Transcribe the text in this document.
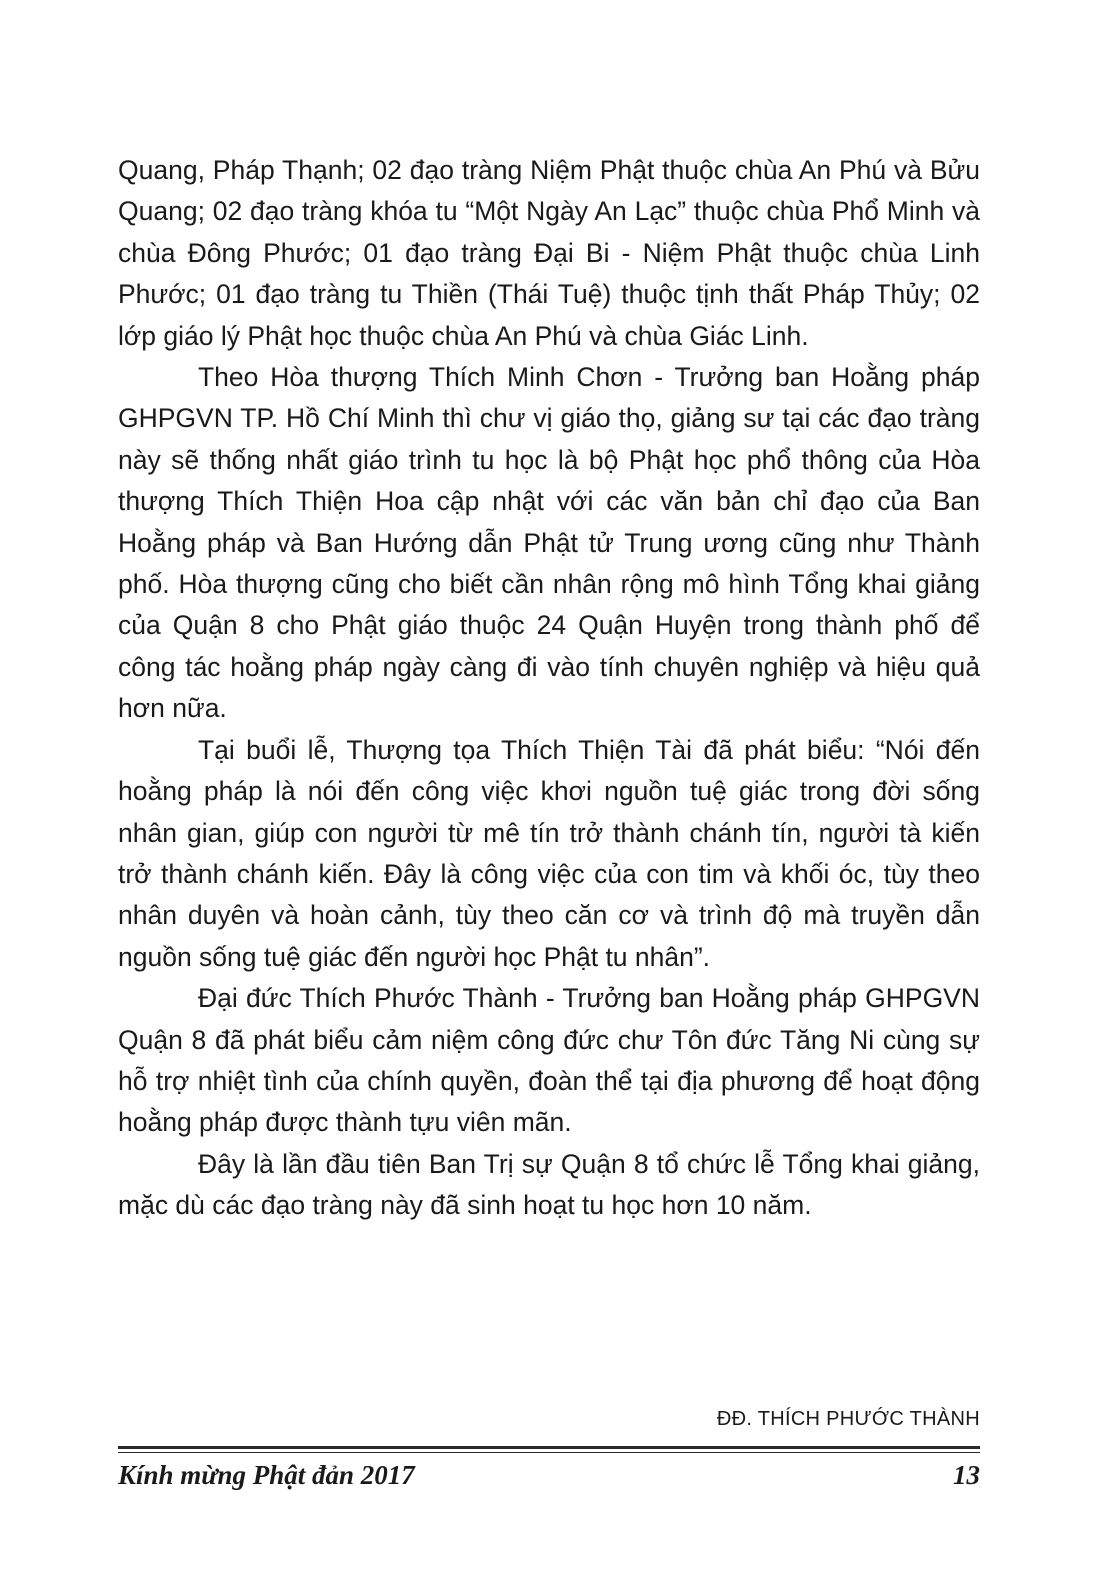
Quang, Pháp Thạnh; 02 đạo tràng Niệm Phật thuộc chùa An Phú và Bửu Quang; 02 đạo tràng khóa tu “Một Ngày An Lạc” thuộc chùa Phổ Minh và chùa Đông Phước; 01 đạo tràng Đại Bi - Niệm Phật thuộc chùa Linh Phước; 01 đạo tràng tu Thiền (Thái Tuệ) thuộc tịnh thất Pháp Thủy; 02 lớp giáo lý Phật học thuộc chùa An Phú và chùa Giác Linh.

Theo Hòa thượng Thích Minh Chơn - Trưởng ban Hoằng pháp GHPGVN TP. Hồ Chí Minh thì chư vị giáo thọ, giảng sư tại các đạo tràng này sẽ thống nhất giáo trình tu học là bộ Phật học phổ thông của Hòa thượng Thích Thiện Hoa cập nhật với các văn bản chỉ đạo của Ban Hoằng pháp và Ban Hướng dẫn Phật tử Trung ương cũng như Thành phố. Hòa thượng cũng cho biết cần nhân rộng mô hình Tổng khai giảng của Quận 8 cho Phật giáo thuộc 24 Quận Huyện trong thành phố để công tác hoằng pháp ngày càng đi vào tính chuyên nghiệp và hiệu quả hơn nữa.

Tại buổi lễ, Thượng tọa Thích Thiện Tài đã phát biểu: “Nói đến hoằng pháp là nói đến công việc khơi nguồn tuệ giác trong đời sống nhân gian, giúp con người từ mê tín trở thành chánh tín, người tà kiến trở thành chánh kiến. Đây là công việc của con tim và khối óc, tùy theo nhân duyên và hoàn cảnh, tùy theo căn cơ và trình độ mà truyền dẫn nguồn sống tuệ giác đến người học Phật tu nhân”.

Đại đức Thích Phước Thành - Trưởng ban Hoằng pháp GHPGVN Quận 8 đã phát biểu cảm niệm công đức chư Tôn đức Tăng Ni cùng sự hỗ trợ nhiệt tình của chính quyền, đoàn thể tại địa phương để hoạt động hoằng pháp được thành tựu viên mãn.

Đây là lần đầu tiên Ban Trị sự Quận 8 tổ chức lễ Tổng khai giảng, mặc dù các đạo tràng này đã sinh hoạt tu học hơn 10 năm.

ĐĐ. THÍCH PHƯỚC THÀNH
Kính mừng Phật đản 2017	13
